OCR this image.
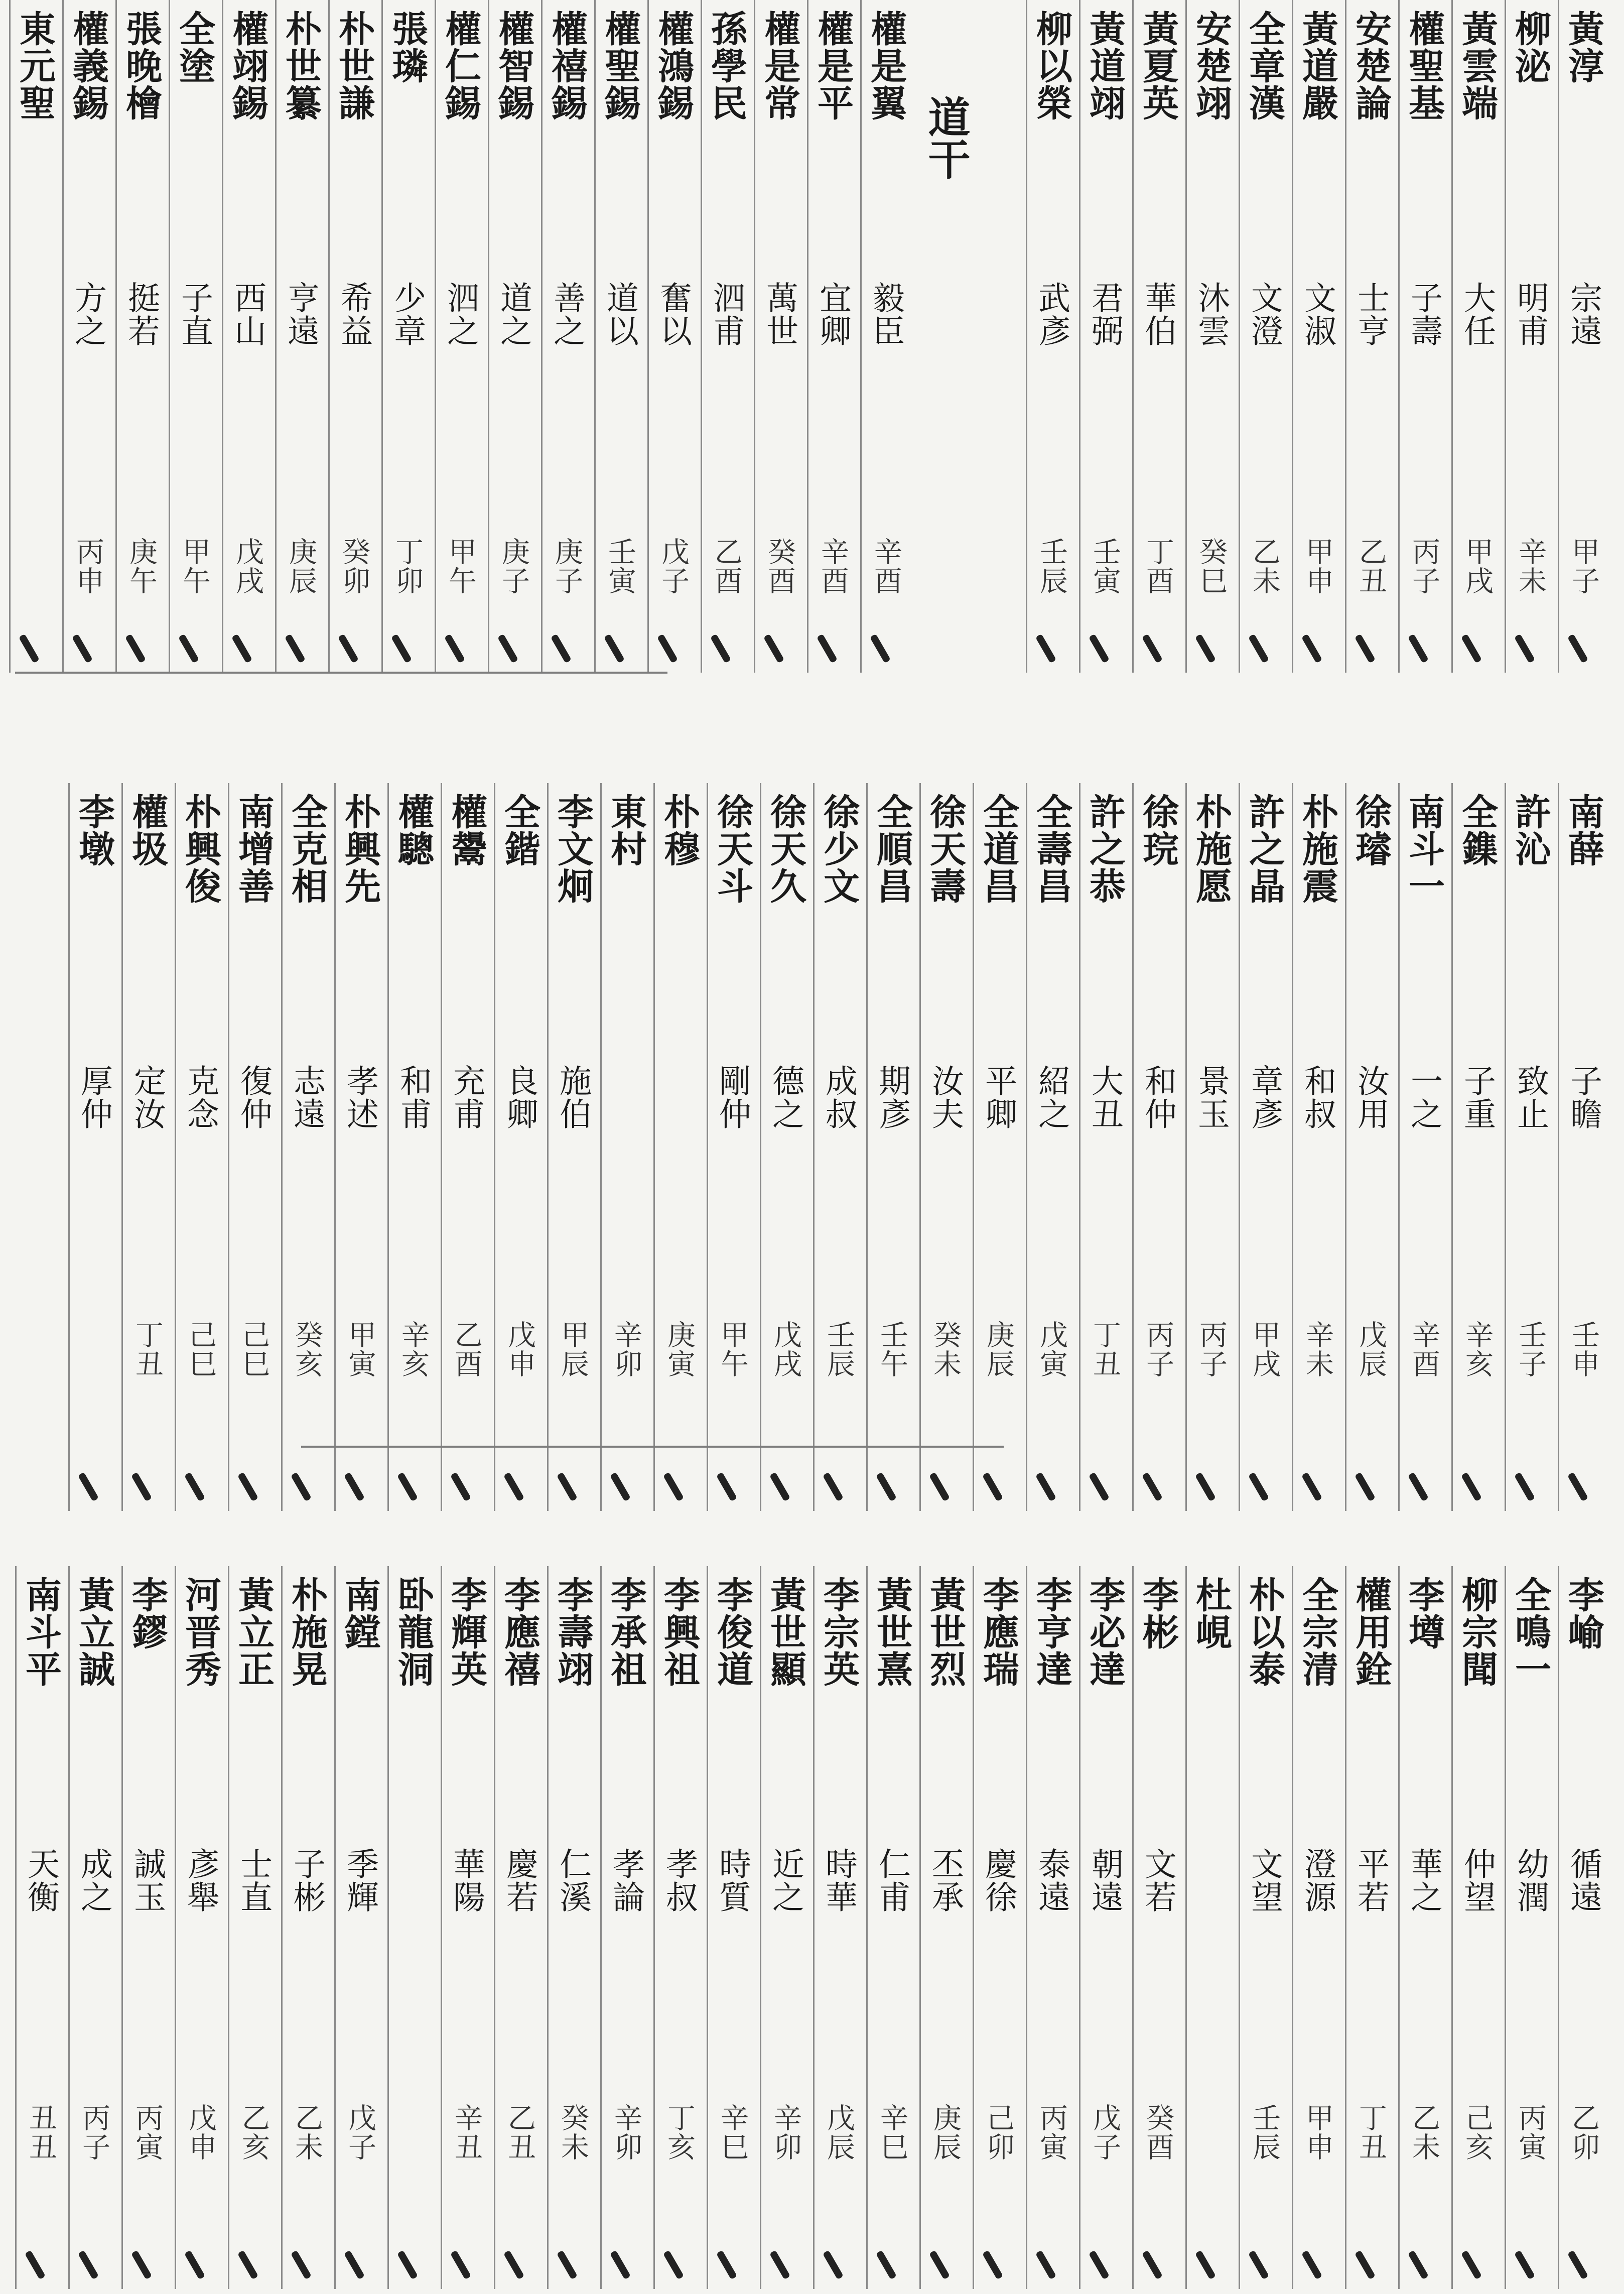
黃淳
宗遠
甲子
柳泌
明甫
辛未
黃雲端
大任
甲戌
權聖基
子壽
丙子
安楚論
士亨
乙丑
黃道嚴
文淑
甲申
全章漢
文澄
乙未
安楚翊
沐雲
癸巳
黃夏英
華伯
丁酉
黃道翊
君弼
壬寅
柳以榮
武彥
壬辰
道干
權是翼
毅臣
辛酉
權是平
宜卿
辛酉
權是常
萬世
癸酉
孫學民
泗甫
乙酉
權鴻錫
奮以
戊子
權聖錫
道以
壬寅
權禧錫
善之
庚子
權智錫
道之
庚子
權仁錫
泗之
甲午
張璘
少章
丁卯
朴世謙
希益
癸卯
朴世纂
亨遠
庚辰
權翊錫
西山
戊戌
全塗
子直
甲午
張晚檜
挺若
庚午
權義錫
方之
丙申
東元聖
南薛
子瞻
壬申
許沁
致止
壬子
全鏶
子重
辛亥
南斗一
一之
辛酉
徐璿
汝用
戊辰
朴施震
和叔
辛未
許之晶
章彥
甲戌
朴施愿
景玉
丙子
徐琓
和仲
丙子
許之恭
大丑
丁丑
全壽昌
紹之
戊寅
全道昌
平卿
庚辰
徐天壽
汝夫
癸未
全順昌
期彥
壬午
徐少文
成叔
壬辰
徐天久
德之
戊戌
徐天斗
剛仲
甲午
朴穆
庚寅
東村
辛卯
李文炯
施伯
甲辰
全鍇
良卿
戊申
權鬹
充甫
乙酉
權驄
和甫
辛亥
朴興先
孝述
甲寅
全克相
志遠
癸亥
南增善
復仲
己巳
朴興俊
克念
己巳
權圾
定汝
丁丑
李墩
厚仲
李崳
循遠
乙卯
全鳴一
幼潤
丙寅
柳宗聞
仲望
己亥
李墫
華之
乙未
權用銓
平若
丁丑
全宗清
澄源
甲申
朴以泰
文望
壬辰
杜峴
李彬
文若
癸酉
李必達
朝遠
戊子
李亨達
泰遠
丙寅
李應瑞
慶徐
己卯
黃世烈
丕承
庚辰
黃世熹
仁甫
辛巳
李宗英
時華
戊辰
黃世顯
近之
辛卯
李俊道
時質
辛巳
李興祖
孝叔
丁亥
李承祖
孝論
辛卯
李壽翊
仁溪
癸未
李應禧
慶若
乙丑
李輝英
華陽
辛丑
卧龍洞
南鏜
季輝
戊子
朴施晃
子彬
乙未
黃立正
士直
乙亥
河晋秀
彥舉
戊申
李鏐
誠玉
丙寅
黃立誠
成之
丙子
南斗平
天衡
丑丑
